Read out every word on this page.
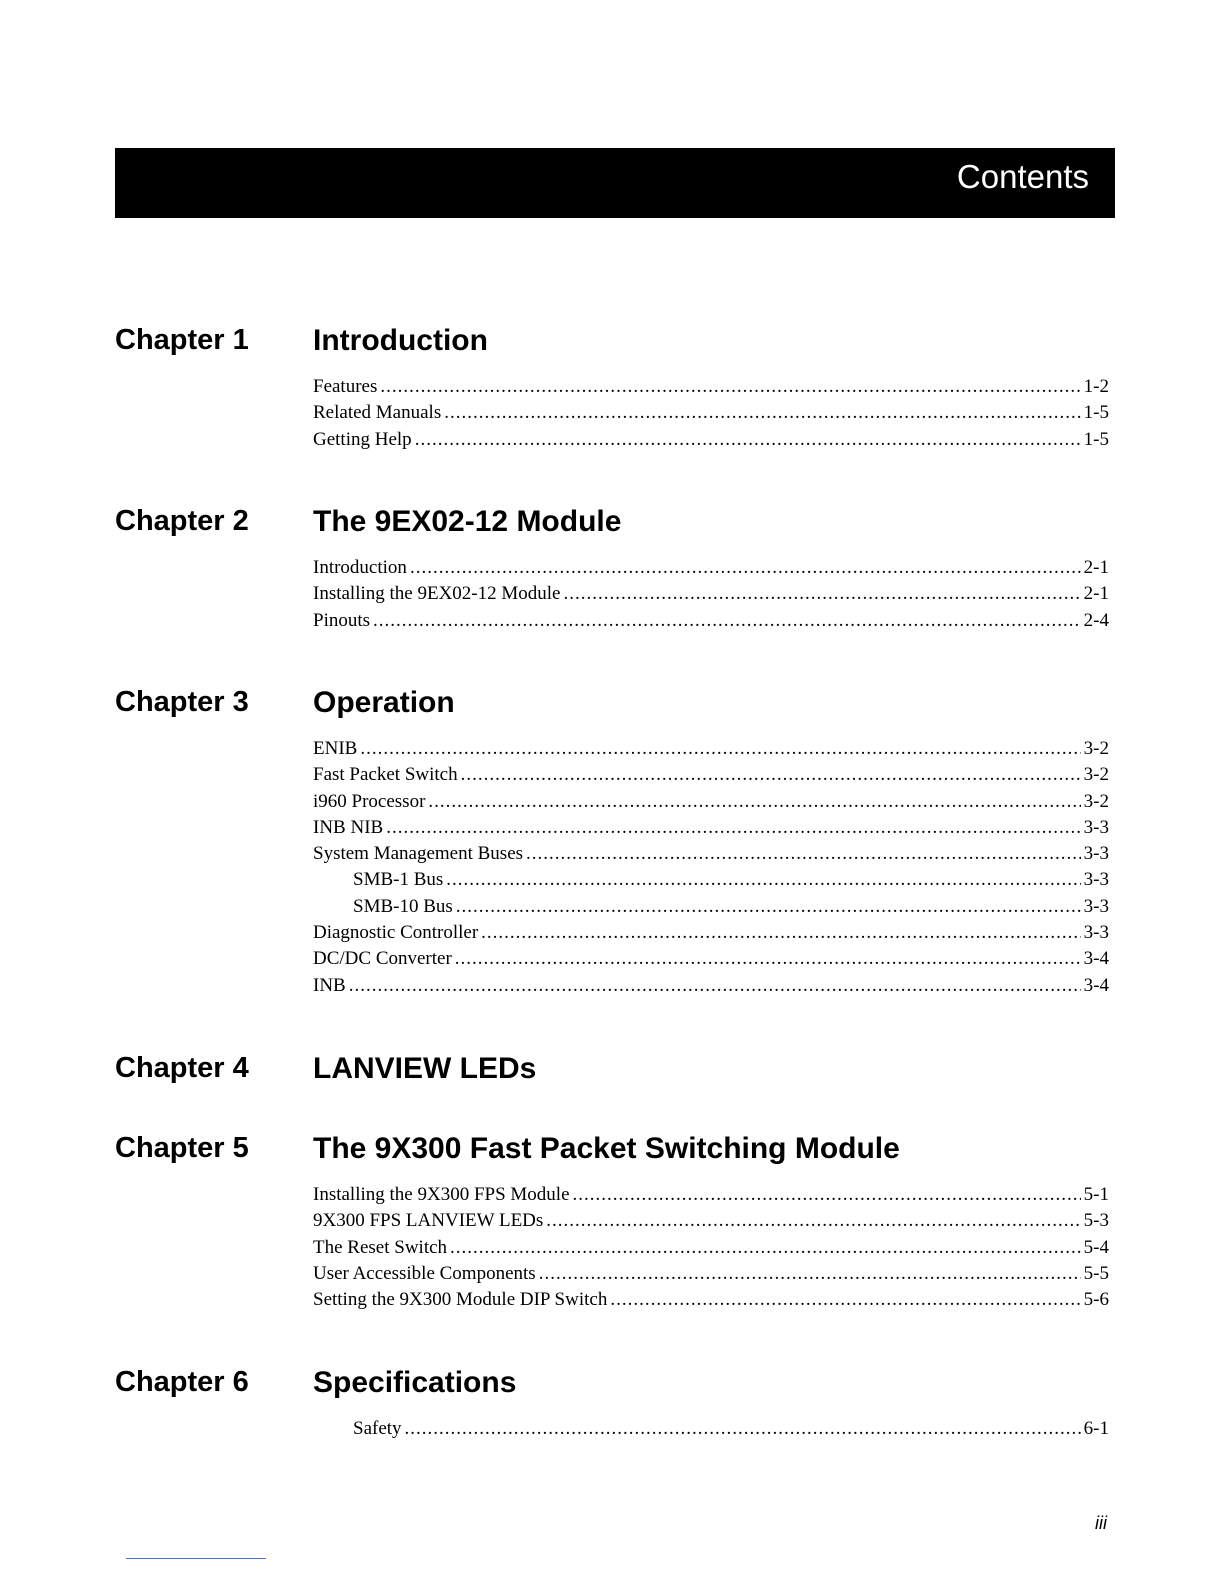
Contents
Chapter 1 Introduction
Features .....	1-2
Related Manuals .....	1-5
Getting Help .....	1-5
Chapter 2 The 9EX02-12 Module
Introduction .....	2-1
Installing the 9EX02-12 Module .....	2-1
Pinouts .....	2-4
Chapter 3 Operation
ENIB .....	3-2
Fast Packet Switch .....	3-2
i960 Processor .....	3-2
INB NIB .....	3-3
System Management Buses .....	3-3
SMB-1 Bus .....	3-3
SMB-10 Bus .....	3-3
Diagnostic Controller .....	3-3
DC/DC Converter .....	3-4
INB .....	3-4
Chapter 4 LANVIEW LEDs
Chapter 5 The 9X300 Fast Packet Switching Module
Installing the 9X300 FPS Module .....	5-1
9X300 FPS LANVIEW LEDs .....	5-3
The Reset Switch .....	5-4
User Accessible Components .....	5-5
Setting the 9X300 Module DIP Switch .....	5-6
Chapter 6 Specifications
Safety .....	6-1
iii
